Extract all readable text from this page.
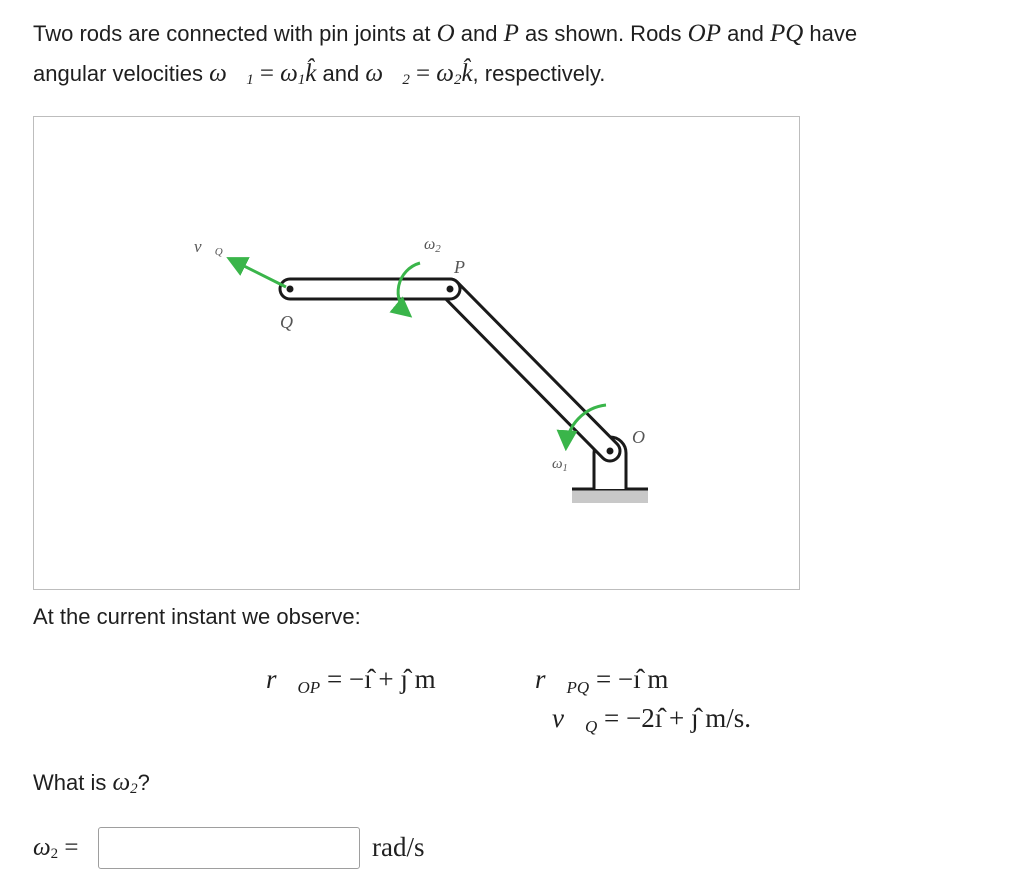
Two rods are connected with pin joints at O and P as shown. Rods OP and PQ have
angular velocities $\omega⃗_1$ = $\omega_1k̂$ and $\omega⃗_2$ = $\omega_2k̂$, respectively.
v⃗Q	ω2
P
Q
O
$\omega_1$
At the current instant we observe:
$r⃗_{OP}$ = −ı̂ + ȷ̂ m	$r⃗_{PQ}$ = −ı̂ m
$v⃗_Q$ = −2ı̂ + ȷ̂ m/s.
What is $\omega_2$?
$\omega_2$ =	rad/s
